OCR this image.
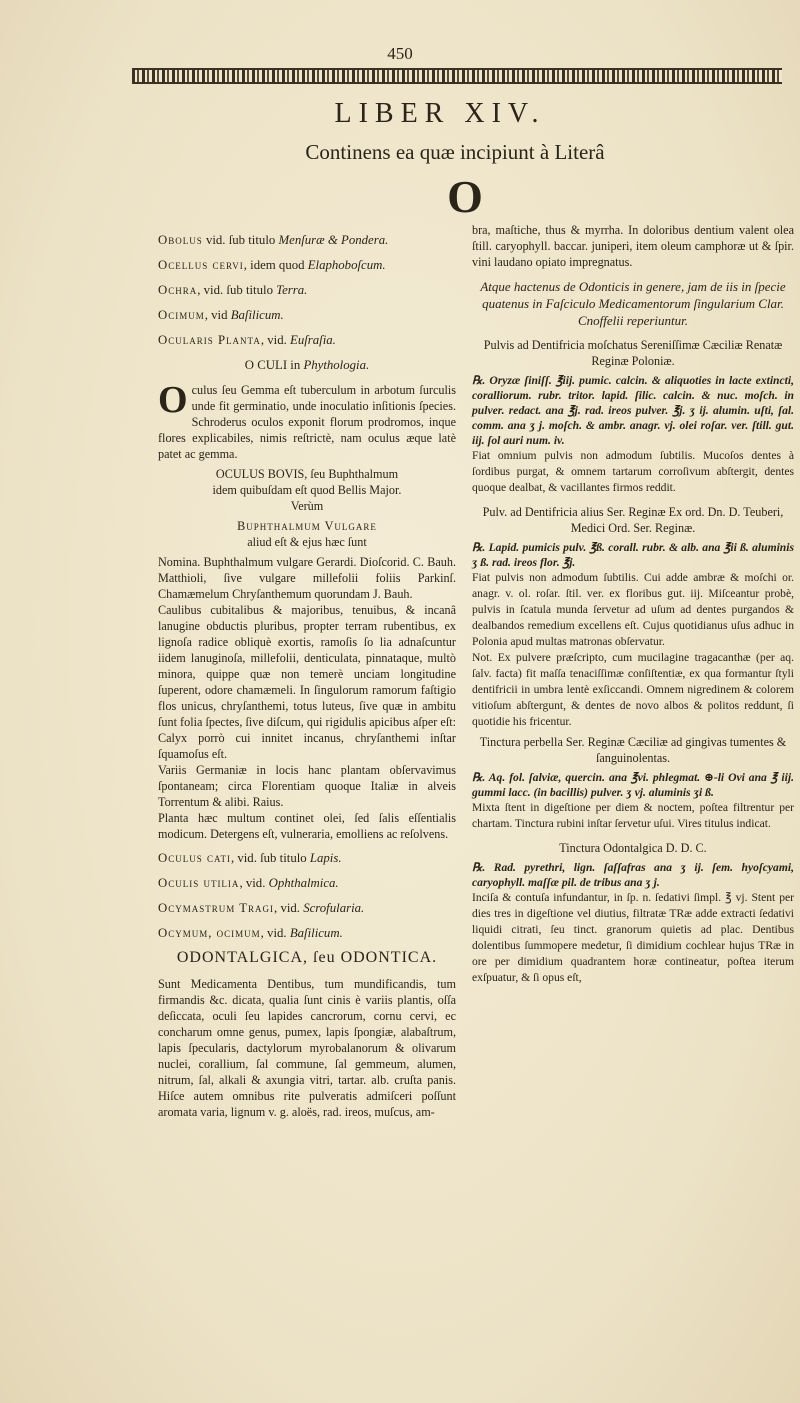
450
LIBER XIV.
Continens ea quæ incipiunt à Literâ
O

Obolus vid. ſub titulo Menſuræ & Pondera.

Ocellus cervi, idem quod Elaphoboſcum.

Ochra, vid. ſub titulo Terra.

Ocimum, vid Baſilicum.

Ocularis Planta, vid. Euſraſia.

O CULI in Phythologia.

Oculus ſeu Gemma eſt tuberculum in arbotum ſurculis unde fit germinatio, unde inoculatio inſitionis ſpecies. Schroderus oculos exponit florum prodromos, inque flores explicabiles, nimis reſtrictè, nam oculus æque latè patet ac gemma.

OCULUS BOVIS, ſeu Buphthalmum

idem quibuſdam eſt quod Bellis Major.

Verùm

Buphthalmum Vulgare

aliud eſt & ejus hæc ſunt

Nomina. Buphthalmum vulgare Gerardi. Dioſcorid. C. Bauh. Matthioli, ſive vulgare millefolii foliis Parkinſ. Chamæmelum Chryſanthemum quorundam J. Bauh.

Caulibus cubitalibus & majoribus, tenuibus, & incanâ lanugine obductis pluribus, propter terram rubentibus, ex lignoſa radice obliquè exortis, ramoſis ſo lia adnaſcuntur iidem lanuginoſa, millefolii, denticulata, pinnataque, multò minora, quippe quæ non temerè unciam longitudine ſuperent, odore chamæmeli. In ſingulorum ramorum faſtigio flos unicus, chryſanthemi, totus luteus, ſive quæ in ambitu ſunt folia ſpectes, ſive diſcum, qui rigidulis apicibus aſper eſt: Calyx porrò cui innitet incanus, chryſanthemi inſtar ſquamoſus eſt.

Variis Germaniæ in locis hanc plantam obſervavimus ſpontaneam; circa Florentiam quoque Italiæ in alveis Torrentum & alibi. Raius.

Planta hæc multum continet olei, ſed ſalis eſſentialis modicum. Detergens eſt, vulneraria, emolliens ac reſolvens.

Oculus cati, vid. ſub titulo Lapis.

Oculis utilia, vid. Ophthalmica.

Ocymastrum Tragi, vid. Scrofularia.

Ocymum, ocimum, vid. Baſilicum.

ODONTALGICA, ſeu ODONTICA.

Sunt Medicamenta Dentibus, tum mundificandis, tum firmandis &c. dicata, qualia ſunt cinis è variis plantis, oſſa deſiccata, oculi ſeu lapides cancrorum, cornu cervi, ec concharum omne genus, pumex, lapis ſpongiæ, alabaſtrum, lapis ſpecularis, dactylorum myrobalanorum & olivarum nuclei, corallium, ſal commune, ſal gemmeum, alumen, nitrum, ſal, alkali & axungia vitri, tartar. alb. cruſta panis. Hiſce autem omnibus rite pulveratis admiſceri poſſunt aromata varia, lignum v. g. aloës, rad. ireos, muſcus, am-

bra, maſtiche, thus & myrrha. In doloribus dentium valent olea ſtill. caryophyll. baccar. juniperi, item oleum camphoræ ut & ſpir. vini laudano opiato impregnatus.

Atque hactenus de Odonticis in genere, jam de iis in ſpecie quatenus in Faſciculo Medicamentorum ſingularium Clar. Cnoffelii reperiuntur.

Pulvis ad Dentifricia moſchatus Sereniſſimæ Cæciliæ Renatæ Reginæ Poloniæ.

℞. Oryzæ ſiniſſ. ℥iij. pumic. calcin. & aliquoties in lacte extincti, coralliorum. rubr. tritor. lapid. ſilic. calcin. & nuc. moſch. in pulver. redact. ana ℥j. rad. ireos pulver. ℥j. ʒ ij. alumin. uſti, ſal. comm. ana ʒ j. moſch. & ambr. anagr. vj. olei roſar. ver. ſtill. gut. iij. ſol auri num. iv.

Fiat omnium pulvis non admodum ſubtilis. Mucoſos dentes à ſordibus purgat, & omnem tartarum corroſivum abſtergit, dentes quoque dealbat, & vacillantes firmos reddit.

Pulv. ad Dentifricia alius Ser. Reginæ Ex ord. Dn. D. Teuberi, Medici Ord. Ser. Reginæ.

℞. Lapid. pumicis pulv. ℥ß. corall. rubr. & alb. ana ℥ii ß. aluminis ʒ ß. rad. ireos flor. ℥j.

Fiat pulvis non admodum ſubtilis. Cui adde ambræ & moſchi or. anagr. v. ol. roſar. ſtil. ver. ex floribus gut. iij. Miſceantur probè, pulvis in ſcatula munda ſervetur ad uſum ad dentes purgandos & dealbandos remedium excellens eſt. Cujus quotidianus uſus adhuc in Polonia apud multas matronas obſervatur.

Not. Ex pulvere præſcripto, cum mucilagine tragacanthæ (per aq. ſalv. facta) fit maſſa tenaciſſimæ conſiſtentiæ, ex qua formantur ſtyli dentifricii in umbra lentè exſiccandi. Omnem nigredinem & colorem vitioſum abſtergunt, & dentes de novo albos & politos reddunt, ſi quotidie his fricentur.

Tinctura perbella Ser. Reginæ Cæciliæ ad gingivas tumentes & ſanguinolentas.

℞. Aq. fol. ſalviæ, quercin. ana ℥vi. phlegmat. ⊕-li Ovi ana ℥ iij. gummi lacc. (in bacillis) pulver. ʒ vj. aluminis ʒi ß.

Mixta ſtent in digeſtione per diem & noctem, poſtea filtrentur per chartam. Tinctura rubini inſtar ſervetur uſui. Vires titulus indicat.

Tinctura Odontalgica D. D. C.

℞. Rad. pyrethri, lign. ſaſſafras ana ʒ ij. ſem. hyoſcyami, caryophyll. maſſæ pil. de tribus ana ʒ j.

Inciſa & contuſa infundantur, in ſp. n. ſedativi ſimpl. ℥ vj. Stent per dies tres in digeſtione vel diutius, filtratæ TRæ adde extracti ſedativi liquidi citrati, ſeu tinct. granorum quietis ad plac. Dentibus dolentibus ſummopere medetur, ſi dimidium cochlear hujus TRæ in ore per dimidium quadrantem horæ contineatur, poſtea iterum exſpuatur, & ſi opus eſt,
